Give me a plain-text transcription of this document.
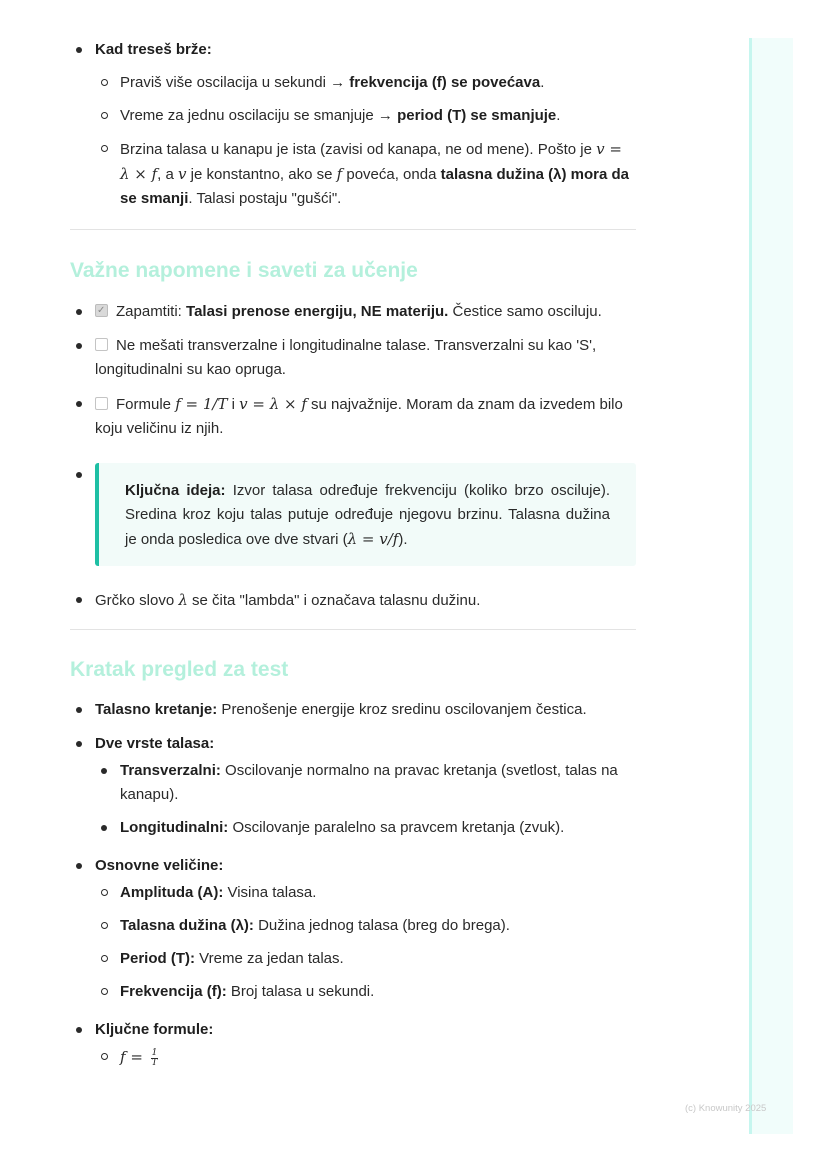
Kad treseš brže:
Praviš više oscilacija u sekundi → frekvencija (f) se povećava.
Vreme za jednu oscilaciju se smanjuje → period (T) se smanjuje.
Brzina talasa u kanapu je ista (zavisi od kanapa, ne od mene). Pošto je v = λ × f, a v je konstantno, ako se f poveća, onda talasna dužina (λ) mora da se smanji. Talasi postaju "gušći".
Važne napomene i saveti za učenje
✓Zapamtiti: Talasi prenose energiju, NE materiju. Čestice samo osciluju.
Ne mešati transverzalne i longitudinalne talase. Transverzalni su kao 'S', longitudinalni su kao opruga.
Formule f = 1/T i v = λ × f su najvažnije. Moram da znam da izvedem bilo koju veličinu iz njih.
Ključna ideja: Izvor talasa određuje frekvenciju (koliko brzo osciluje). Sredina kroz koju talas putuje određuje njegovu brzinu. Talasna dužina je onda posledica ove dve stvari (λ = v/f).
Grčko slovo λ se čita "lambda" i označava talasnu dužinu.
Kratak pregled za test
Talasno kretanje: Prenošenje energije kroz sredinu oscilovanjem čestica.
Dve vrste talasa:
Transverzalni: Oscilovanje normalno na pravac kretanja (svetlost, talas na kanapu).
Longitudinalni: Oscilovanje paralelno sa pravcem kretanja (zvuk).
Osnovne veličine:
Amplituda (A): Visina talasa.
Talasna dužina (λ): Dužina jednog talasa (breg do brega).
Period (T): Vreme za jedan talas.
Frekvencija (f): Broj talasa u sekundi.
Ključne formule:
$f = \frac{1}{T}$
(c) Knowunity 2025
